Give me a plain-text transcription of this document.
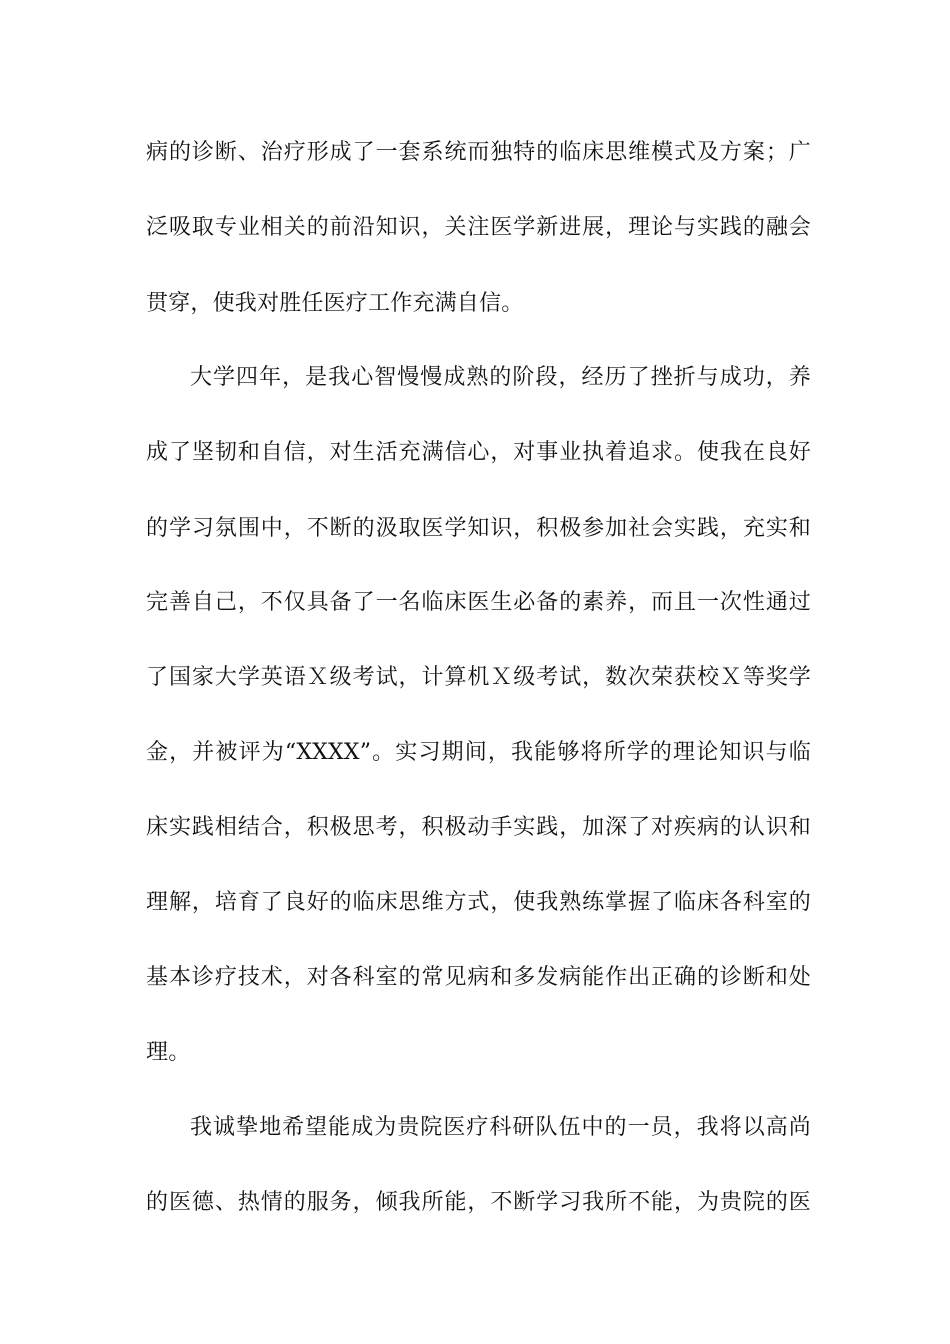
病的诊断、治疗形成了一套系统而独特的临床思维模式及方案；广
泛吸取专业相关的前沿知识，关注医学新进展，理论与实践的融会
贯穿，使我对胜任医疗工作充满自信。
大学四年，是我心智慢慢成熟的阶段，经历了挫折与成功，养
成了坚韧和自信，对生活充满信心，对事业执着追求。使我在良好
的学习氛围中，不断的汲取医学知识，积极参加社会实践，充实和
完善自己，不仅具备了一名临床医生必备的素养，而且一次性通过
了国家大学英语Ｘ级考试，计算机Ｘ级考试，数次荣获校Ｘ等奖学
金，并被评为“XXXX”。实习期间，我能够将所学的理论知识与临
床实践相结合，积极思考，积极动手实践，加深了对疾病的认识和
理解，培育了良好的临床思维方式，使我熟练掌握了临床各科室的
基本诊疗技术，对各科室的常见病和多发病能作出正确的诊断和处
理。
我诚挚地希望能成为贵院医疗科研队伍中的一员，我将以高尚
的医德、热情的服务，倾我所能，不断学习我所不能，为贵院的医
